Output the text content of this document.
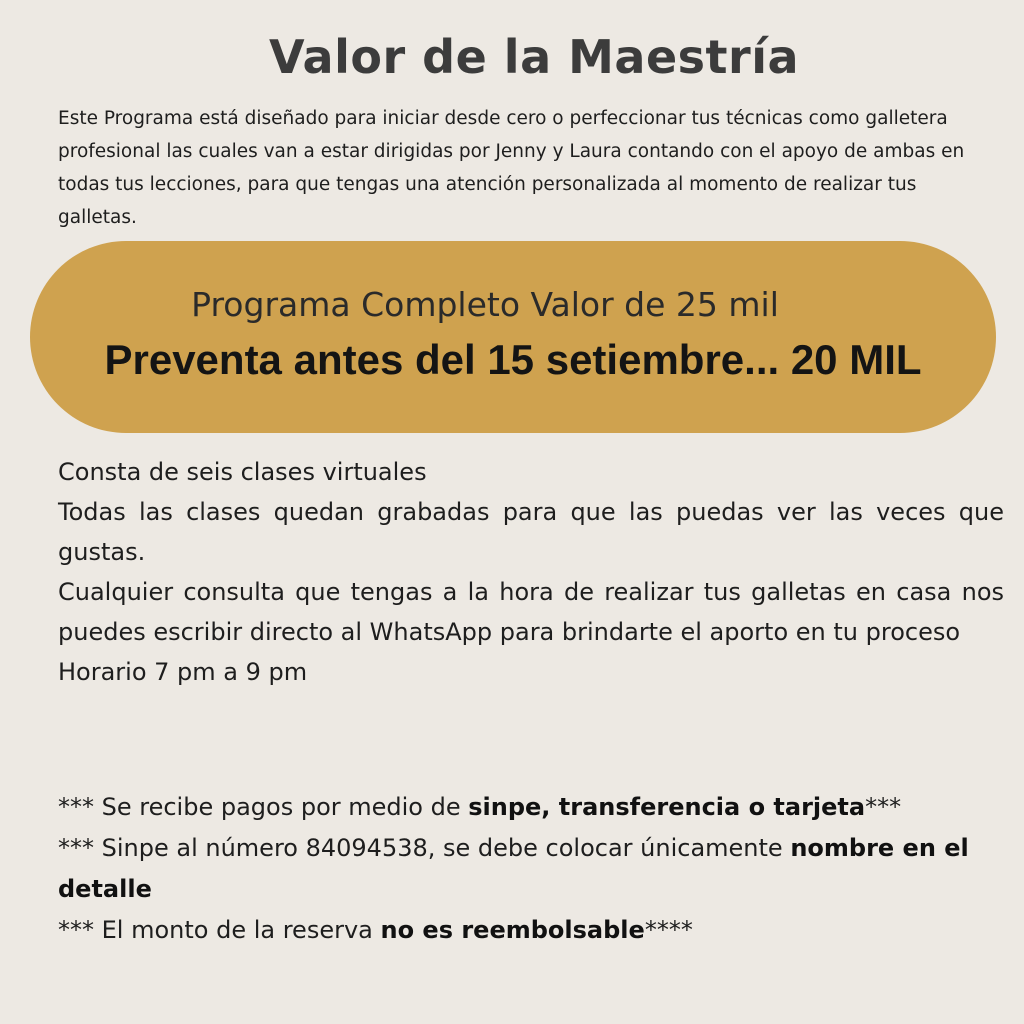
Valor de la Maestría

Este Programa está diseñado para iniciar desde cero o perfeccionar tus técnicas como galletera profesional las cuales van a estar dirigidas por Jenny y Laura contando con el apoyo de ambas en todas tus lecciones, para que tengas una atención personalizada al momento de realizar tus galletas.

Programa Completo Valor de 25 mil

Preventa antes del 15 setiembre... 20 MIL

Consta de seis clases virtuales

Todas las clases quedan grabadas para que las puedas ver las veces que gustas.

Cualquier consulta que tengas a la hora de realizar tus galletas en casa nos puedes escribir directo al WhatsApp para brindarte el aporto en tu proceso

Horario 7 pm a 9 pm

*** Se recibe pagos por medio de sinpe, transferencia o tarjeta***

*** Sinpe al número 84094538, se debe colocar únicamente nombre en el detalle

*** El monto de la reserva no es reembolsable****
